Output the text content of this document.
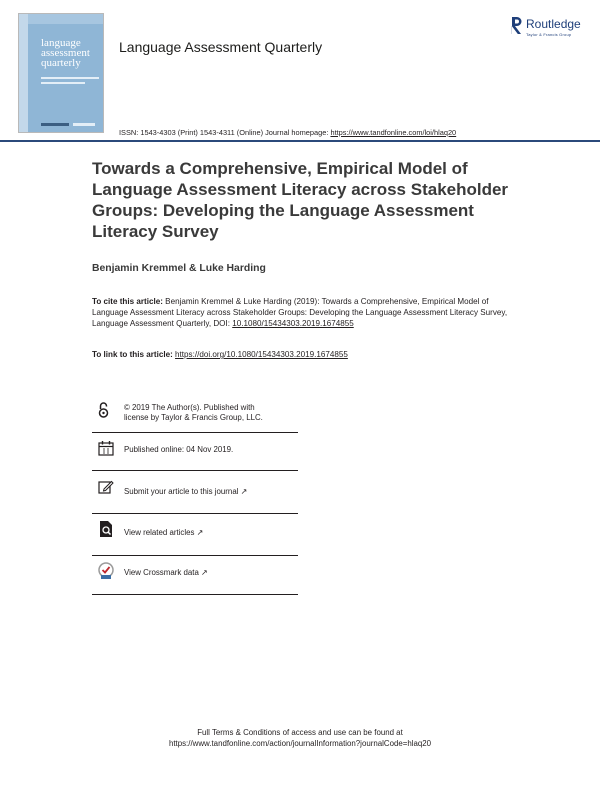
language
assessment
quarterly
Language Assessment Quarterly
Routledge
Taylor & Francis Group
ISSN: 1543-4303 (Print) 1543-4311 (Online) Journal homepage: https://www.tandfonline.com/loi/hlaq20
Towards a Comprehensive, Empirical Model of Language Assessment Literacy across Stakeholder Groups: Developing the Language Assessment Literacy Survey
Benjamin Kremmel & Luke Harding
To cite this article: Benjamin Kremmel & Luke Harding (2019): Towards a Comprehensive, Empirical Model of Language Assessment Literacy across Stakeholder Groups: Developing the Language Assessment Literacy Survey, Language Assessment Quarterly, DOI: 10.1080/15434303.2019.1674855
To link to this article: https://doi.org/10.1080/15434303.2019.1674855
© 2019 The Author(s). Published with
license by Taylor & Francis Group, LLC.
Published online: 04 Nov 2019.
Submit your article to this journal ↗
View related articles ↗
View Crossmark data ↗
Full Terms & Conditions of access and use can be found at
https://www.tandfonline.com/action/journalInformation?journalCode=hlaq20
